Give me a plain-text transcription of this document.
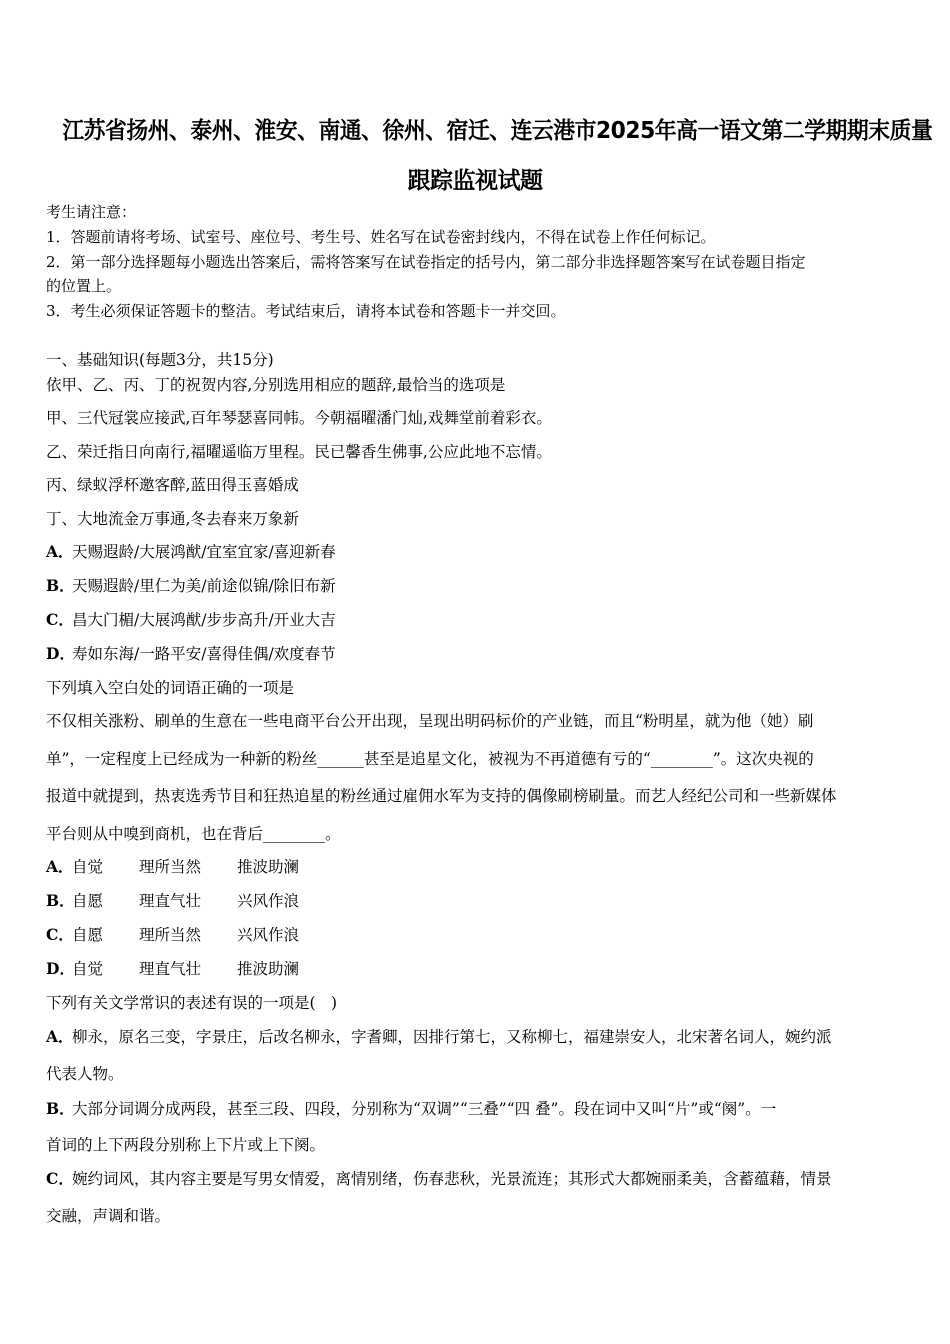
江苏省扬州、泰州、淮安、南通、徐州、宿迁、连云港市2025年高一语文第二学期期末质量
跟踪监视试题
考生请注意：
1．答题前请将考场、试室号、座位号、考生号、姓名写在试卷密封线内，不得在试卷上作任何标记。
2．第一部分选择题每小题选出答案后，需将答案写在试卷指定的括号内，第二部分非选择题答案写在试卷题目指定
的位置上。
3．考生必须保证答题卡的整洁。考试结束后，请将本试卷和答题卡一并交回。
一、基础知识(每题3分，共15分)
依甲、乙、丙、丁的祝贺内容,分别选用相应的题辞,最恰当的选项是
甲、三代冠裳应接武,百年琴瑟喜同帏。今朝福曜潘门灿,戏舞堂前着彩衣。
乙、荣迁指日向南行,福曜遥临万里程。民已馨香生佛事,公应此地不忘情。
丙、绿蚁浮杯邀客醉,蓝田得玉喜婚成
丁、大地流金万事通,冬去春来万象新
A．天赐遐龄/大展鸿猷/宜室宜家/喜迎新春
B．天赐遐龄/里仁为美/前途似锦/除旧布新
C．昌大门楣/大展鸿猷/步步高升/开业大吉
D．寿如东海/一路平安/喜得佳偶/欢度春节
下列填入空白处的词语正确的一项是
不仅相关涨粉、刷单的生意在一些电商平台公开出现，呈现出明码标价的产业链，而且“粉明星，就为他（她）刷
单”，一定程度上已经成为一种新的粉丝______甚至是追星文化，被视为不再道德有亏的“________”。这次央视的
报道中就提到，热衷选秀节目和狂热追星的粉丝通过雇佣水军为支持的偶像刷榜刷量。而艺人经纪公司和一些新媒体
平台则从中嗅到商机，也在背后________。
A．自觉 理所当然 推波助澜
B．自愿 理直气壮 兴风作浪
C．自愿 理所当然 兴风作浪
D．自觉 理直气壮 推波助澜
下列有关文学常识的表述有误的一项是(　)
A．柳永，原名三变，字景庄，后改名柳永，字耆卿，因排行第七，又称柳七，福建崇安人，北宋著名词人，婉约派
代表人物。
B．大部分词调分成两段，甚至三段、四段，分别称为“双调”“三叠”“四 叠”。段在词中又叫“片”或“阕”。一
首词的上下两段分别称上下片或上下阕。
C．婉约词风，其内容主要是写男女情爱，离情别绪，伤春悲秋，光景流连；其形式大都婉丽柔美，含蓄蕴藉，情景
交融，声调和谐。
